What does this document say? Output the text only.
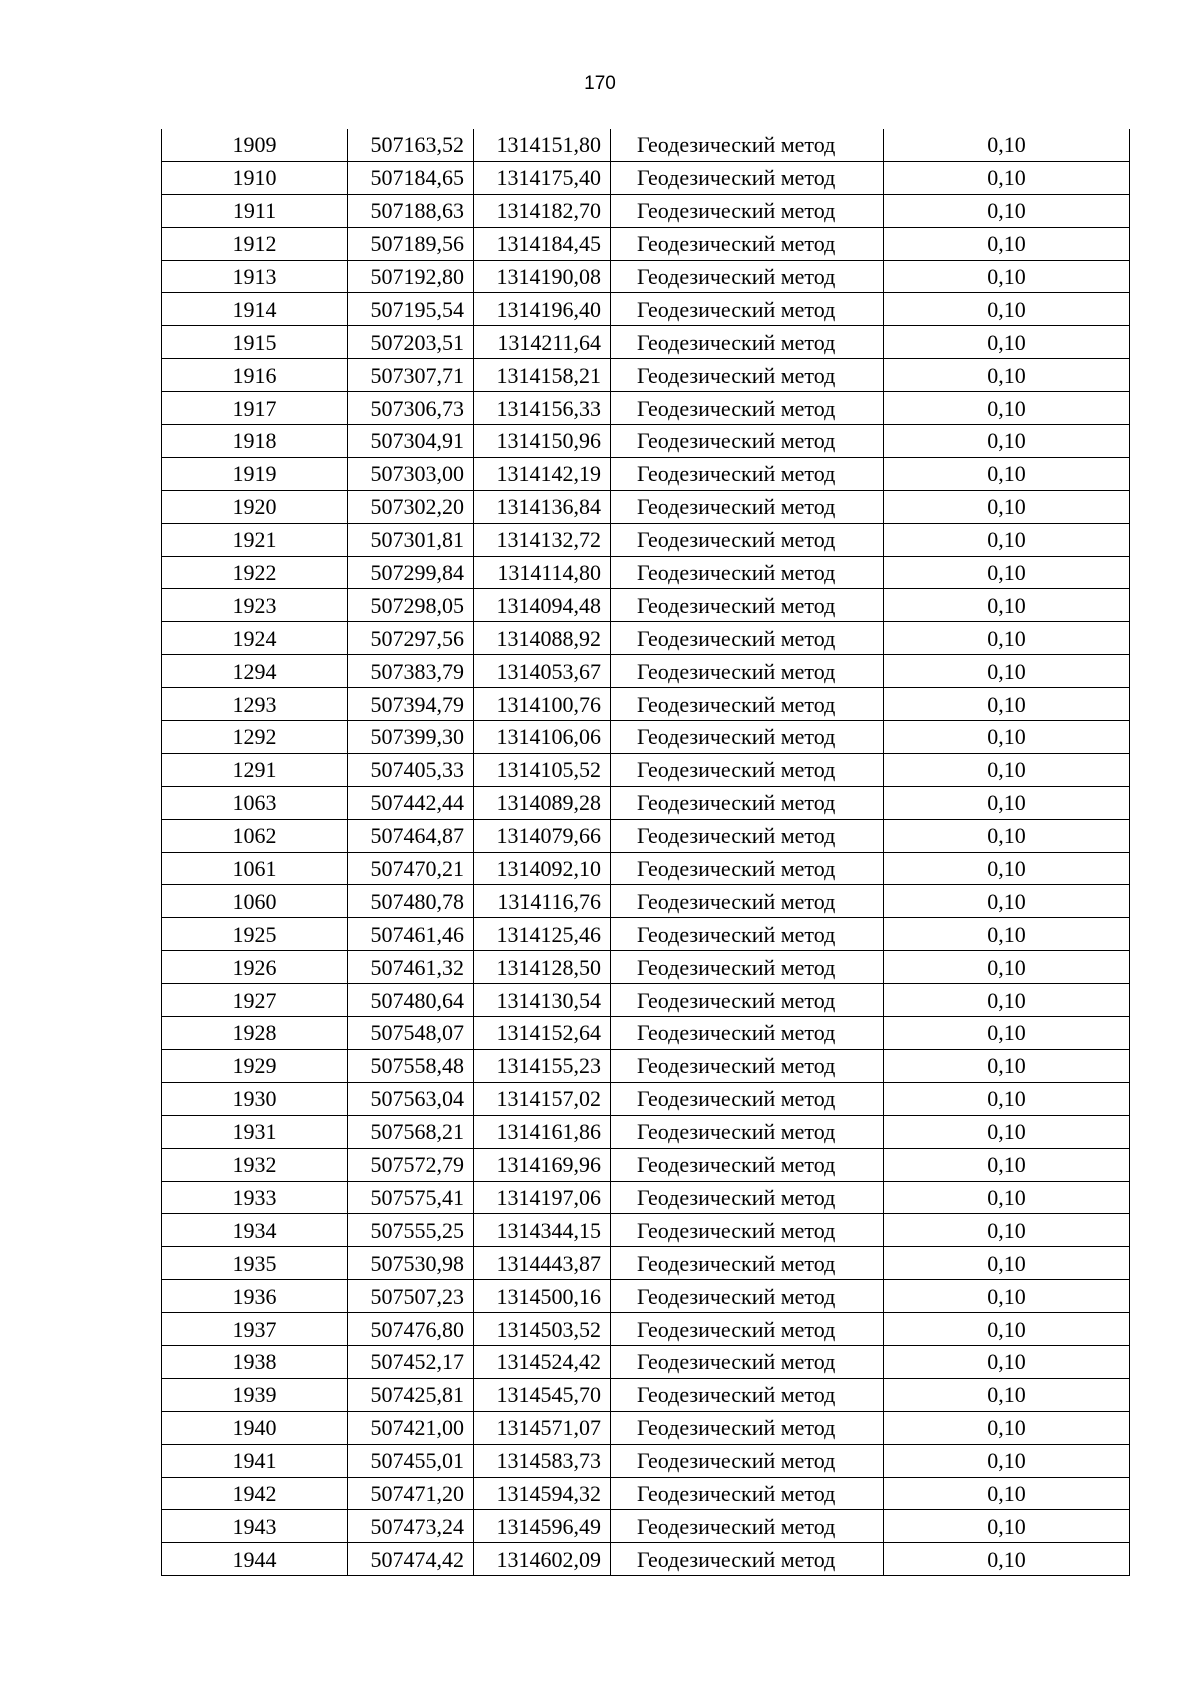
170
1909	507163,52	1314151,80	Геодезический метод	0,10
1910	507184,65	1314175,40	Геодезический метод	0,10
1911	507188,63	1314182,70	Геодезический метод	0,10
1912	507189,56	1314184,45	Геодезический метод	0,10
1913	507192,80	1314190,08	Геодезический метод	0,10
1914	507195,54	1314196,40	Геодезический метод	0,10
1915	507203,51	1314211,64	Геодезический метод	0,10
1916	507307,71	1314158,21	Геодезический метод	0,10
1917	507306,73	1314156,33	Геодезический метод	0,10
1918	507304,91	1314150,96	Геодезический метод	0,10
1919	507303,00	1314142,19	Геодезический метод	0,10
1920	507302,20	1314136,84	Геодезический метод	0,10
1921	507301,81	1314132,72	Геодезический метод	0,10
1922	507299,84	1314114,80	Геодезический метод	0,10
1923	507298,05	1314094,48	Геодезический метод	0,10
1924	507297,56	1314088,92	Геодезический метод	0,10
1294	507383,79	1314053,67	Геодезический метод	0,10
1293	507394,79	1314100,76	Геодезический метод	0,10
1292	507399,30	1314106,06	Геодезический метод	0,10
1291	507405,33	1314105,52	Геодезический метод	0,10
1063	507442,44	1314089,28	Геодезический метод	0,10
1062	507464,87	1314079,66	Геодезический метод	0,10
1061	507470,21	1314092,10	Геодезический метод	0,10
1060	507480,78	1314116,76	Геодезический метод	0,10
1925	507461,46	1314125,46	Геодезический метод	0,10
1926	507461,32	1314128,50	Геодезический метод	0,10
1927	507480,64	1314130,54	Геодезический метод	0,10
1928	507548,07	1314152,64	Геодезический метод	0,10
1929	507558,48	1314155,23	Геодезический метод	0,10
1930	507563,04	1314157,02	Геодезический метод	0,10
1931	507568,21	1314161,86	Геодезический метод	0,10
1932	507572,79	1314169,96	Геодезический метод	0,10
1933	507575,41	1314197,06	Геодезический метод	0,10
1934	507555,25	1314344,15	Геодезический метод	0,10
1935	507530,98	1314443,87	Геодезический метод	0,10
1936	507507,23	1314500,16	Геодезический метод	0,10
1937	507476,80	1314503,52	Геодезический метод	0,10
1938	507452,17	1314524,42	Геодезический метод	0,10
1939	507425,81	1314545,70	Геодезический метод	0,10
1940	507421,00	1314571,07	Геодезический метод	0,10
1941	507455,01	1314583,73	Геодезический метод	0,10
1942	507471,20	1314594,32	Геодезический метод	0,10
1943	507473,24	1314596,49	Геодезический метод	0,10
1944	507474,42	1314602,09	Геодезический метод	0,10
